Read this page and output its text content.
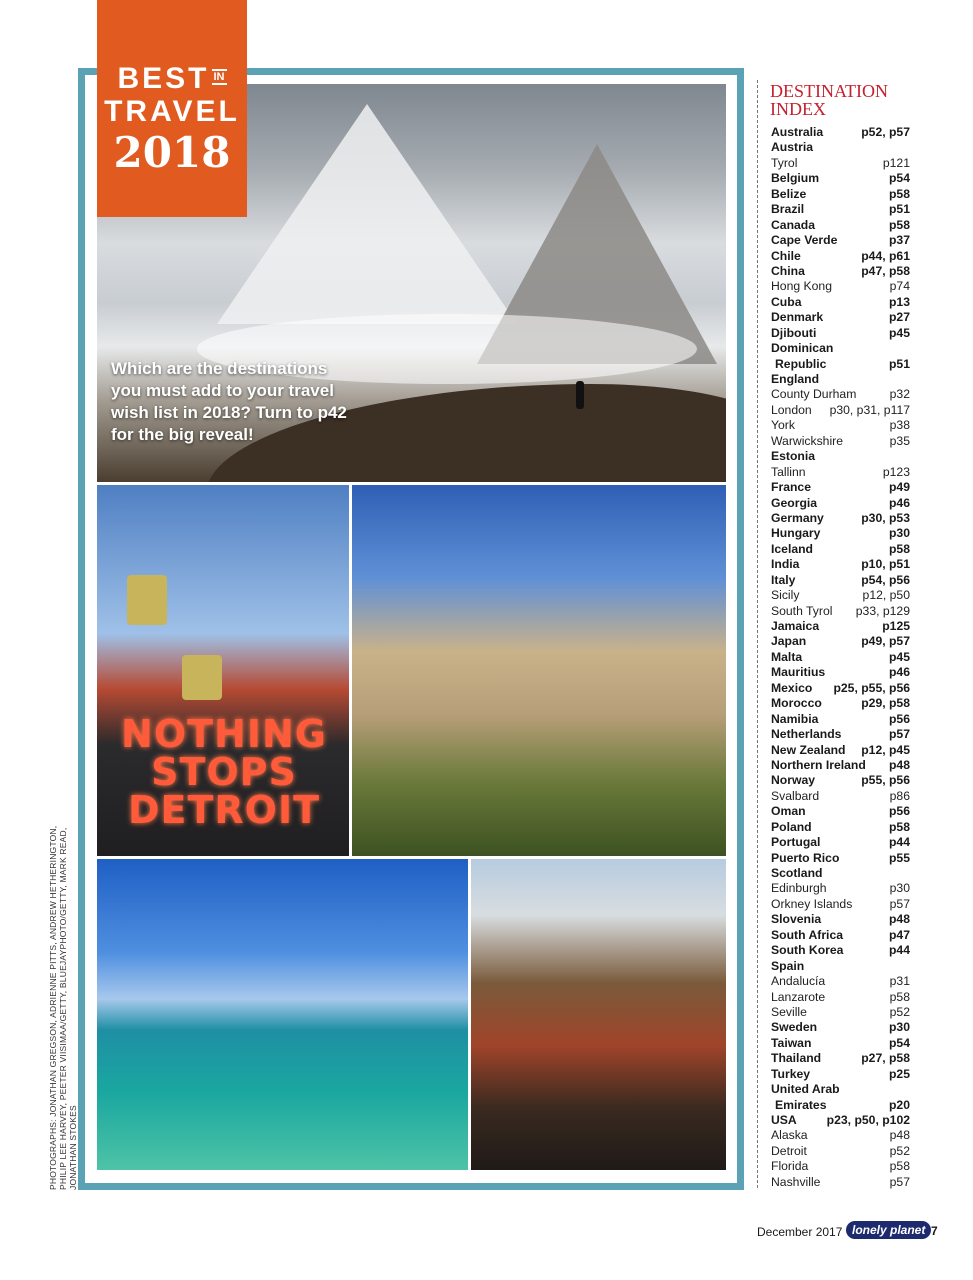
NOTHING
STOPS
DETROIT
Which are the destinations you must add to your travel wish list in 2018? Turn to p42 for the big reveal!
BEST $^{IN}$
TRAVEL
2018
PHOTOGRAPHS: JONATHAN GREGSON, ADRIENNE PITTS, ANDREW HETHERINGTON, PHILIP LEE HARVEY, PEETER VIISIMAA/GETTY, BLUEJAYPHOTO/GETTY, MARK READ, JONATHAN STOKES
DESTINATION INDEX
Australia	p52, p57
Austria
Tyrol	p121
Belgium	p54
Belize	p58
Brazil	p51
Canada	p58
Cape Verde	p37
Chile	p44, p61
China	p47, p58
Hong Kong	p74
Cuba	p13
Denmark	p27
Djibouti	p45
Dominican
Republic	p51
England
County Durham	p32
London p30, p31, p117
York	p38
Warwickshire	p35
Estonia
Tallinn	p123
France	p49
Georgia	p46
Germany	p30, p53
Hungary	p30
Iceland	p58
India	p10, p51
Italy	p54, p56
Sicily	p12, p50
South Tyrol p33, p129
Jamaica	p125
Japan	p49, p57
Malta	p45
Mauritius	p46
Mexico p25, p55, p56
Morocco	p29, p58
Namibia	p56
Netherlands	p57
New Zealand p12, p45
Northern Ireland p48
Norway	p55, p56
Svalbard	p86
Oman	p56
Poland	p58
Portugal	p44
Puerto Rico	p55
Scotland
Edinburgh	p30
Orkney Islands	p57
Slovenia	p48
South Africa	p47
South Korea	p44
Spain
Andalucía	p31
Lanzarote	p58
Seville	p52
Sweden	p30
Taiwan	p54
Thailand	p27, p58
Turkey	p25
United Arab
Emirates	p20
USA p23, p50, p102
Alaska	p48
Detroit	p52
Florida	p58
Nashville	p57
December 2017 lonely planet 7
